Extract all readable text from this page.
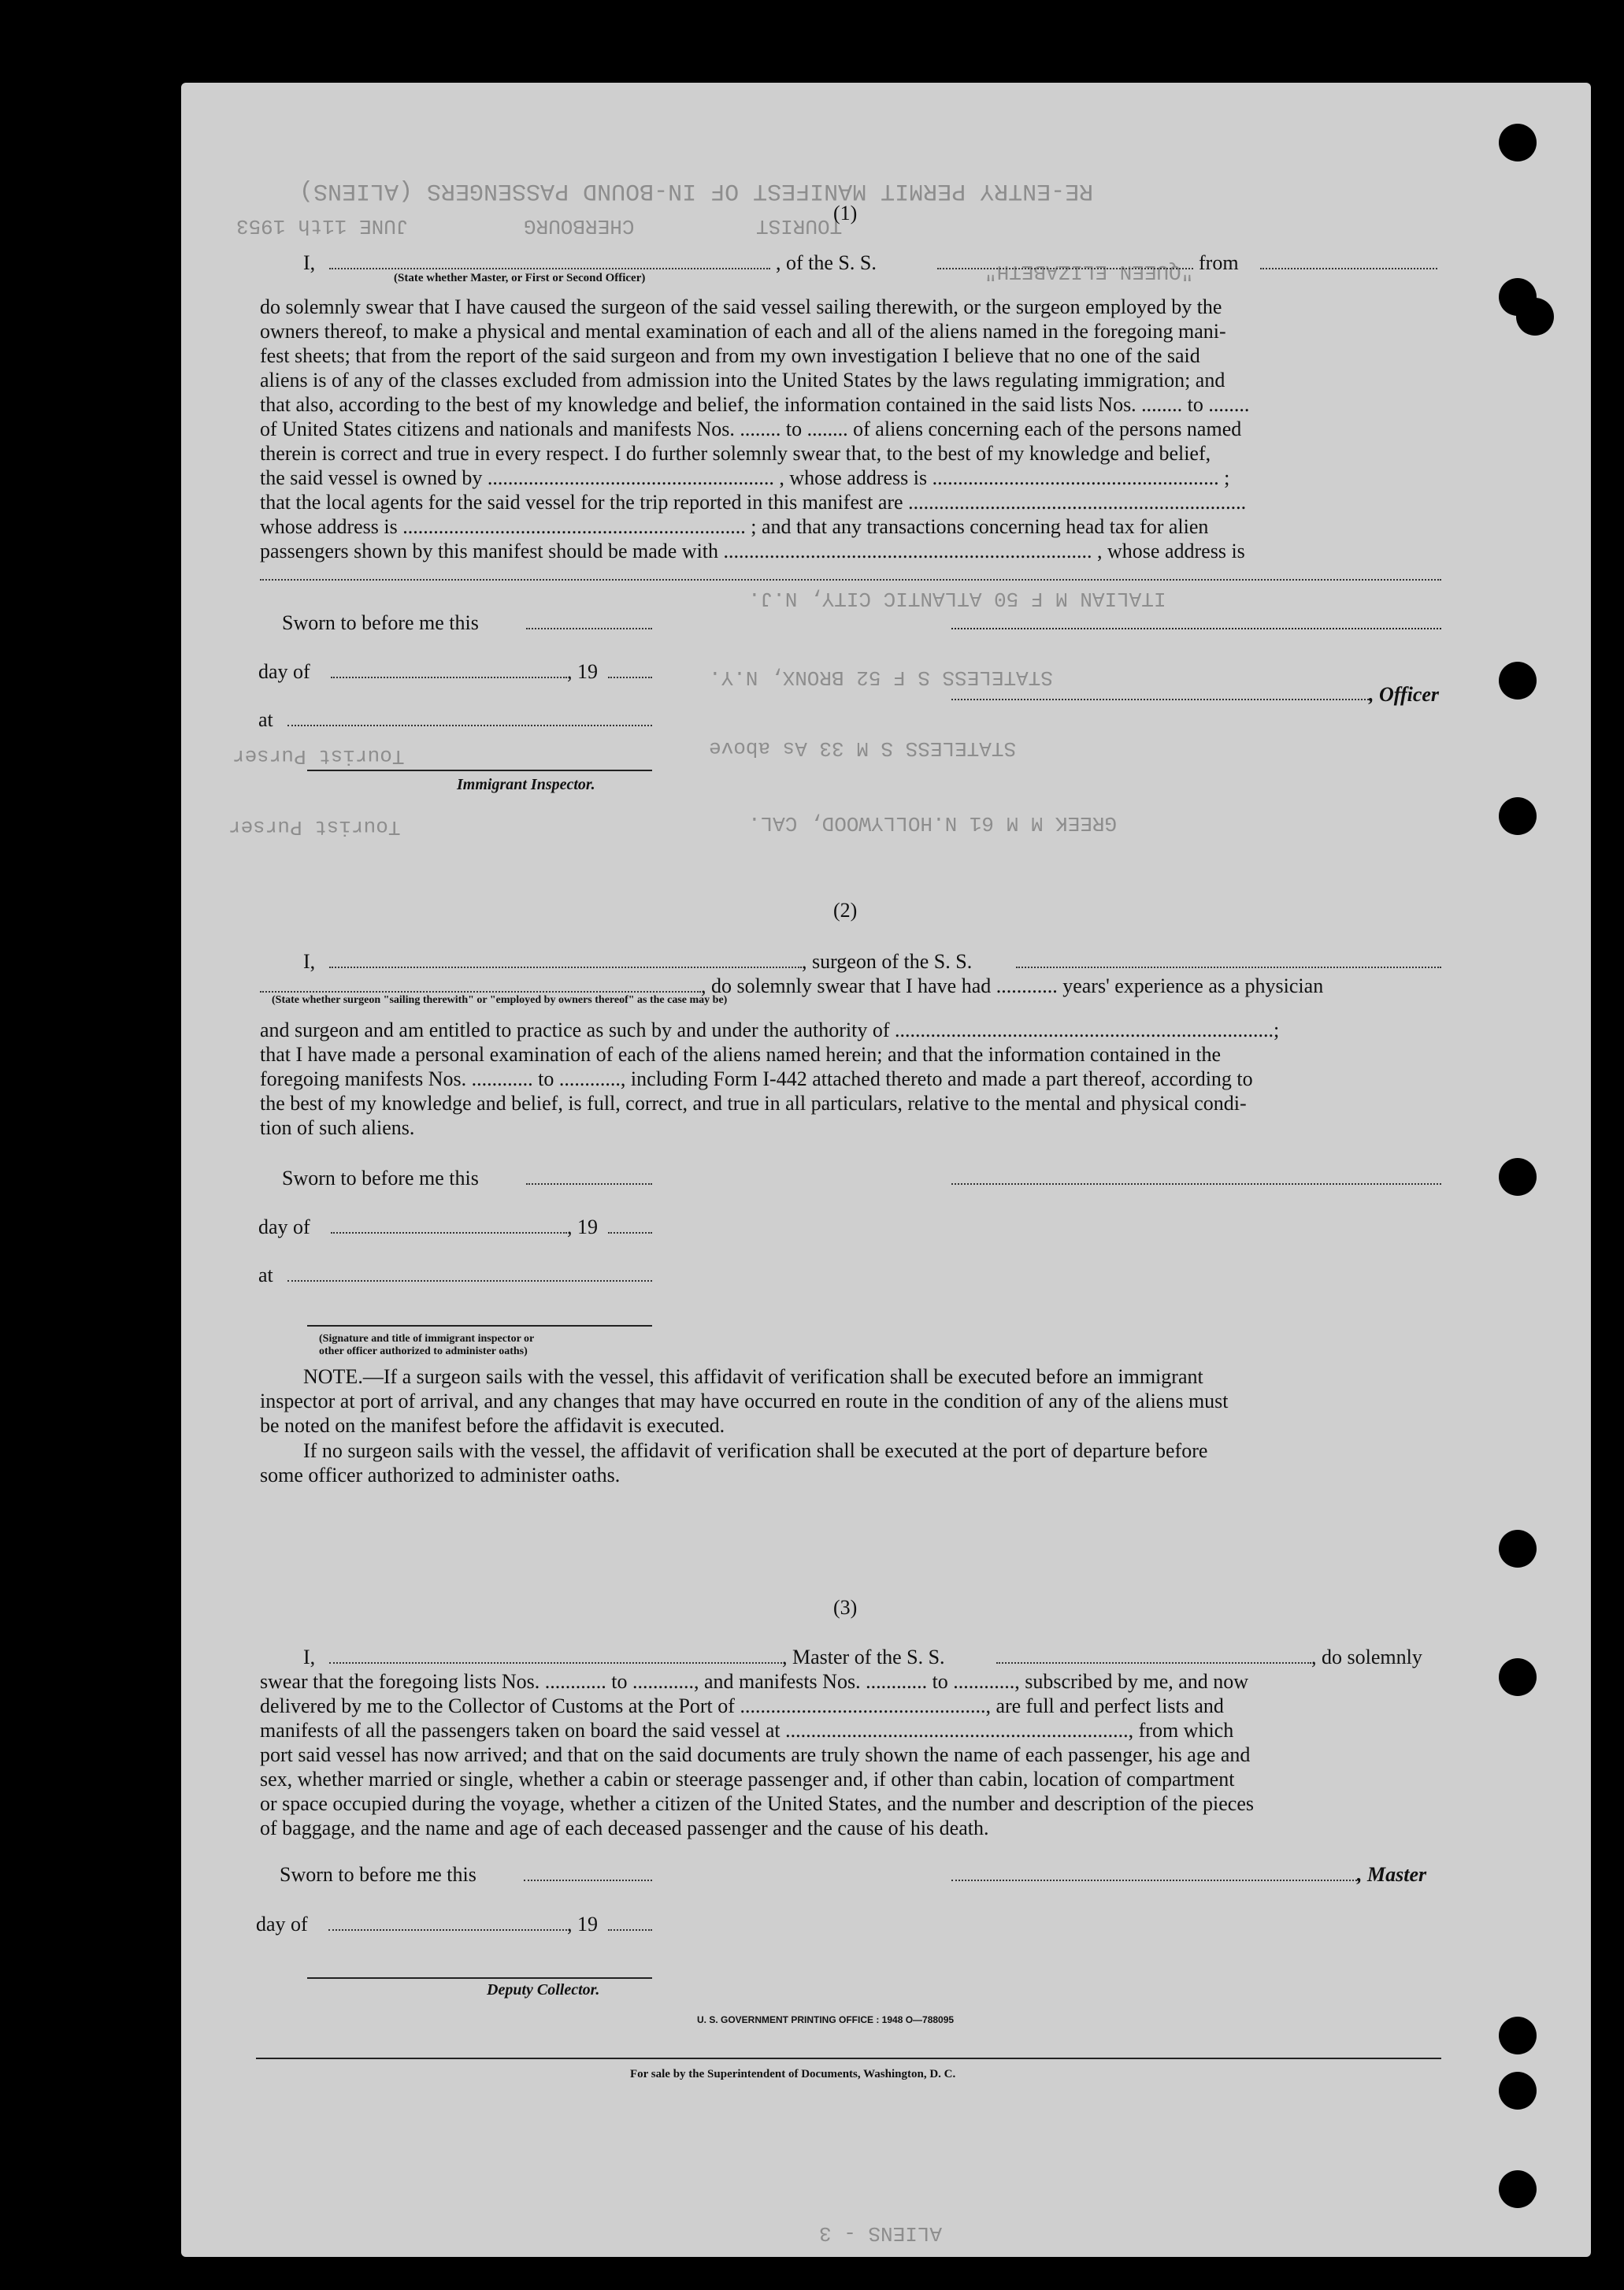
RE-ENTRY PERMIT MANIFEST OF IN-BOUND PASSENGERS (ALIENS)
JUNE 11th 1953	CHERBOURG	TOURIST
"QUEEN ELIZABETH"
ITALIAN M F 50 ATLANTIC CITY, N.J.
STATELESS S F 52 BRONX, N.Y.
STATELESS S M 33 As above
Tourist Purser
GREEK M M 61 N.HOLLYWOOD, CAL.
Tourist Purser
ALIENS - 3
(1)
I,
(State whether Master, or First or Second Officer)
, of the S. S.	from
do solemnly swear that I have caused the surgeon of the said vessel sailing therewith, or the surgeon employed by the
owners thereof, to make a physical and mental examination of each and all of the aliens named in the foregoing mani-
fest sheets; that from the report of the said surgeon and from my own investigation I believe that no one of the said
aliens is of any of the classes excluded from admission into the United States by the laws regulating immigration; and
that also, according to the best of my knowledge and belief, the information contained in the said lists Nos. ........ to ........
of United States citizens and nationals and manifests Nos. ........ to ........ of aliens concerning each of the persons named
therein is correct and true in every respect. I do further solemnly swear that, to the best of my knowledge and belief,
the said vessel is owned by ........................................................ , whose address is ........................................................ ;
that the local agents for the said vessel for the trip reported in this manifest are ..................................................................
whose address is ................................................................... ; and that any transactions concerning head tax for alien
passengers shown by this manifest should be made with ........................................................................ , whose address is
Sworn to before me this
day of	, 19
, Officer
at
Immigrant Inspector.
(2)
I,	, surgeon of the S. S.
, do solemnly swear that I have had ............ years' experience as a physician
(State whether surgeon "sailing therewith" or "employed by owners thereof" as the case may be)
and surgeon and am entitled to practice as such by and under the authority of ..........................................................................;
that I have made a personal examination of each of the aliens named herein; and that the information contained in the
foregoing manifests Nos. ............ to ............, including Form I-442 attached thereto and made a part thereof, according to
the best of my knowledge and belief, is full, correct, and true in all particulars, relative to the mental and physical condi-
tion of such aliens.
Sworn to before me this
day of	, 19
at
(Signature and title of immigrant inspector or
other officer authorized to administer oaths)
NOTE.—If a surgeon sails with the vessel, this affidavit of verification shall be executed before an immigrant
inspector at port of arrival, and any changes that may have occurred en route in the condition of any of the aliens must
be noted on the manifest before the affidavit is executed.
If no surgeon sails with the vessel, the affidavit of verification shall be executed at the port of departure before
some officer authorized to administer oaths.
(3)
I,	, Master of the S. S.	, do solemnly
swear that the foregoing lists Nos. ............ to ............, and manifests Nos. ............ to ............, subscribed by me, and now
delivered by me to the Collector of Customs at the Port of ................................................, are full and perfect lists and
manifests of all the passengers taken on board the said vessel at ..................................................................., from which
port said vessel has now arrived; and that on the said documents are truly shown the name of each passenger, his age and
sex, whether married or single, whether a cabin or steerage passenger and, if other than cabin, location of compartment
or space occupied during the voyage, whether a citizen of the United States, and the number and description of the pieces
of baggage, and the name and age of each deceased passenger and the cause of his death.
Sworn to before me this	, Master
day of	, 19
Deputy Collector.
U. S. GOVERNMENT PRINTING OFFICE : 1948 O—788095
For sale by the Superintendent of Documents, Washington, D. C.
